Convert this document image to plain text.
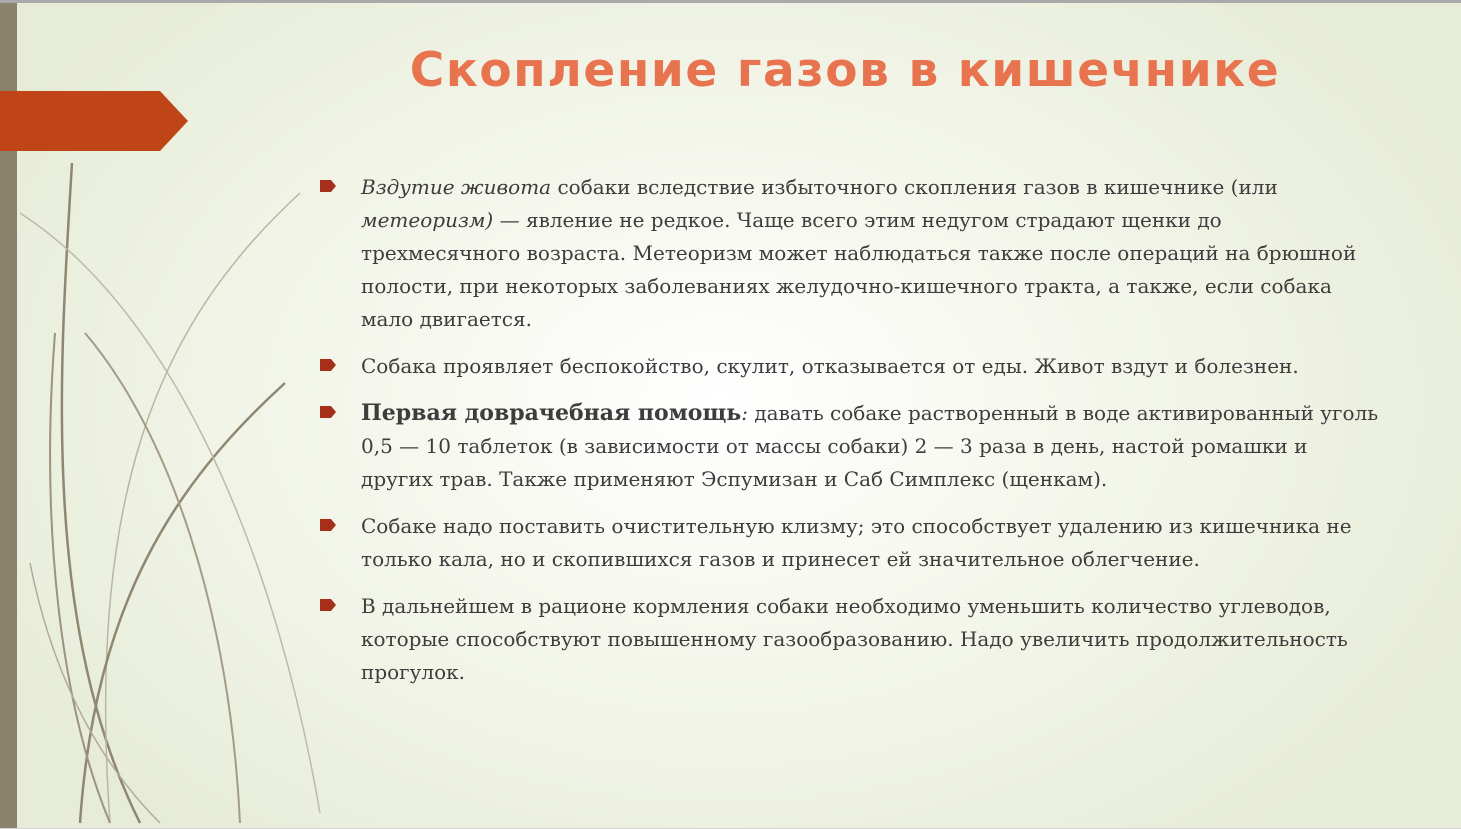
Скопление газов в кишечнике
Вздутие живота собаки вследствие избыточного скопления газов в кишечнике (или метеоризм) — явление не редкое. Чаще всего этим недугом страдают щенки до трехмесячного возраста. Метеоризм может наблюдаться также после операций на брюшной полости, при некоторых заболеваниях желудочно-кишечного тракта, а также, если собака мало двигается.
Собака проявляет беспокойство, скулит, отказывается от еды. Живот вздут и болезнен.
Первая доврачебная помощь: давать собаке растворенный в воде активированный уголь 0,5 — 10 таблеток (в зависимости от массы собаки) 2 — 3 раза в день, настой ромашки и других трав. Также применяют Эспумизан и Саб Симплекс (щенкам).
Собаке надо поставить очистительную клизму; это способствует удалению из кишечника не только кала, но и скопившихся газов и принесет ей значительное облегчение.
В дальнейшем в рационе кормления собаки необходимо уменьшить количество углеводов, которые способствуют повышенному газообразованию. Надо увеличить продолжительность прогулок.
